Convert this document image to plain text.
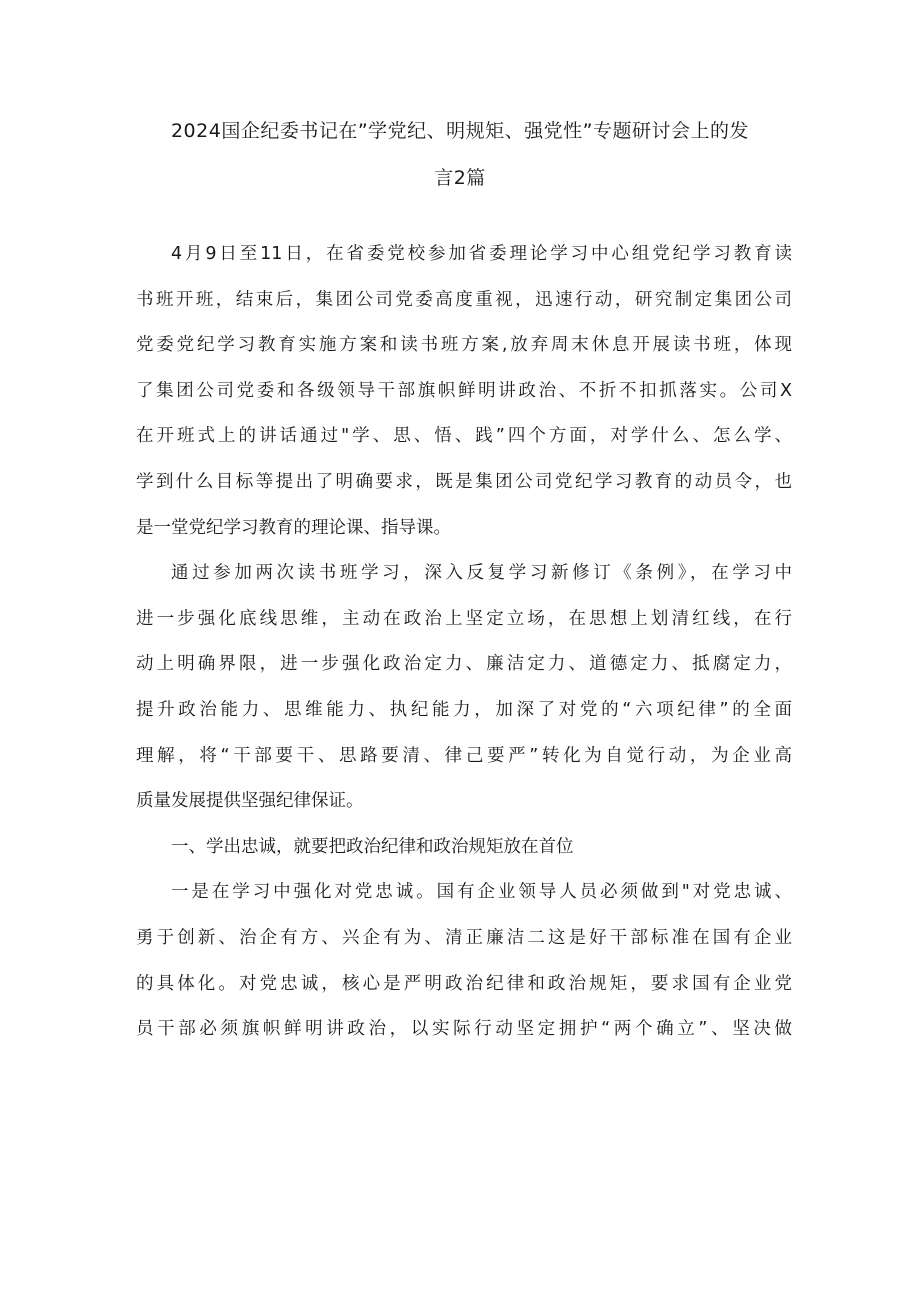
2024国企纪委书记在”学党纪、明规矩、强党性”专题研讨会上的发
言2篇
4月9日至11日，在省委党校参加省委理论学习中心组党纪学习教育读
书班开班，结束后，集团公司党委高度重视，迅速行动，研究制定集团公司
党委党纪学习教育实施方案和读书班方案,放弃周末休息开展读书班，体现
了集团公司党委和各级领导干部旗帜鲜明讲政治、不折不扣抓落实。公司X
在开班式上的讲话通过"学、思、悟、践”四个方面，对学什么、怎么学、
学到什么目标等提出了明确要求，既是集团公司党纪学习教育的动员令，也
是一堂党纪学习教育的理论课、指导课。
通过参加两次读书班学习，深入反复学习新修订《条例》，在学习中
进一步强化底线思维，主动在政治上坚定立场，在思想上划清红线，在行
动上明确界限，进一步强化政治定力、廉洁定力、道德定力、抵腐定力，
提升政治能力、思维能力、执纪能力，加深了对党的“六项纪律”的全面
理解，将“干部要干、思路要清、律己要严”转化为自觉行动，为企业高
质量发展提供坚强纪律保证。
一、学出忠诚，就要把政治纪律和政治规矩放在首位
一是在学习中强化对党忠诚。国有企业领导人员必须做到"对党忠诚、
勇于创新、治企有方、兴企有为、清正廉洁二这是好干部标准在国有企业
的具体化。对党忠诚，核心是严明政治纪律和政治规矩，要求国有企业党
员干部必须旗帜鲜明讲政治，以实际行动坚定拥护“两个确立”、坚决做
